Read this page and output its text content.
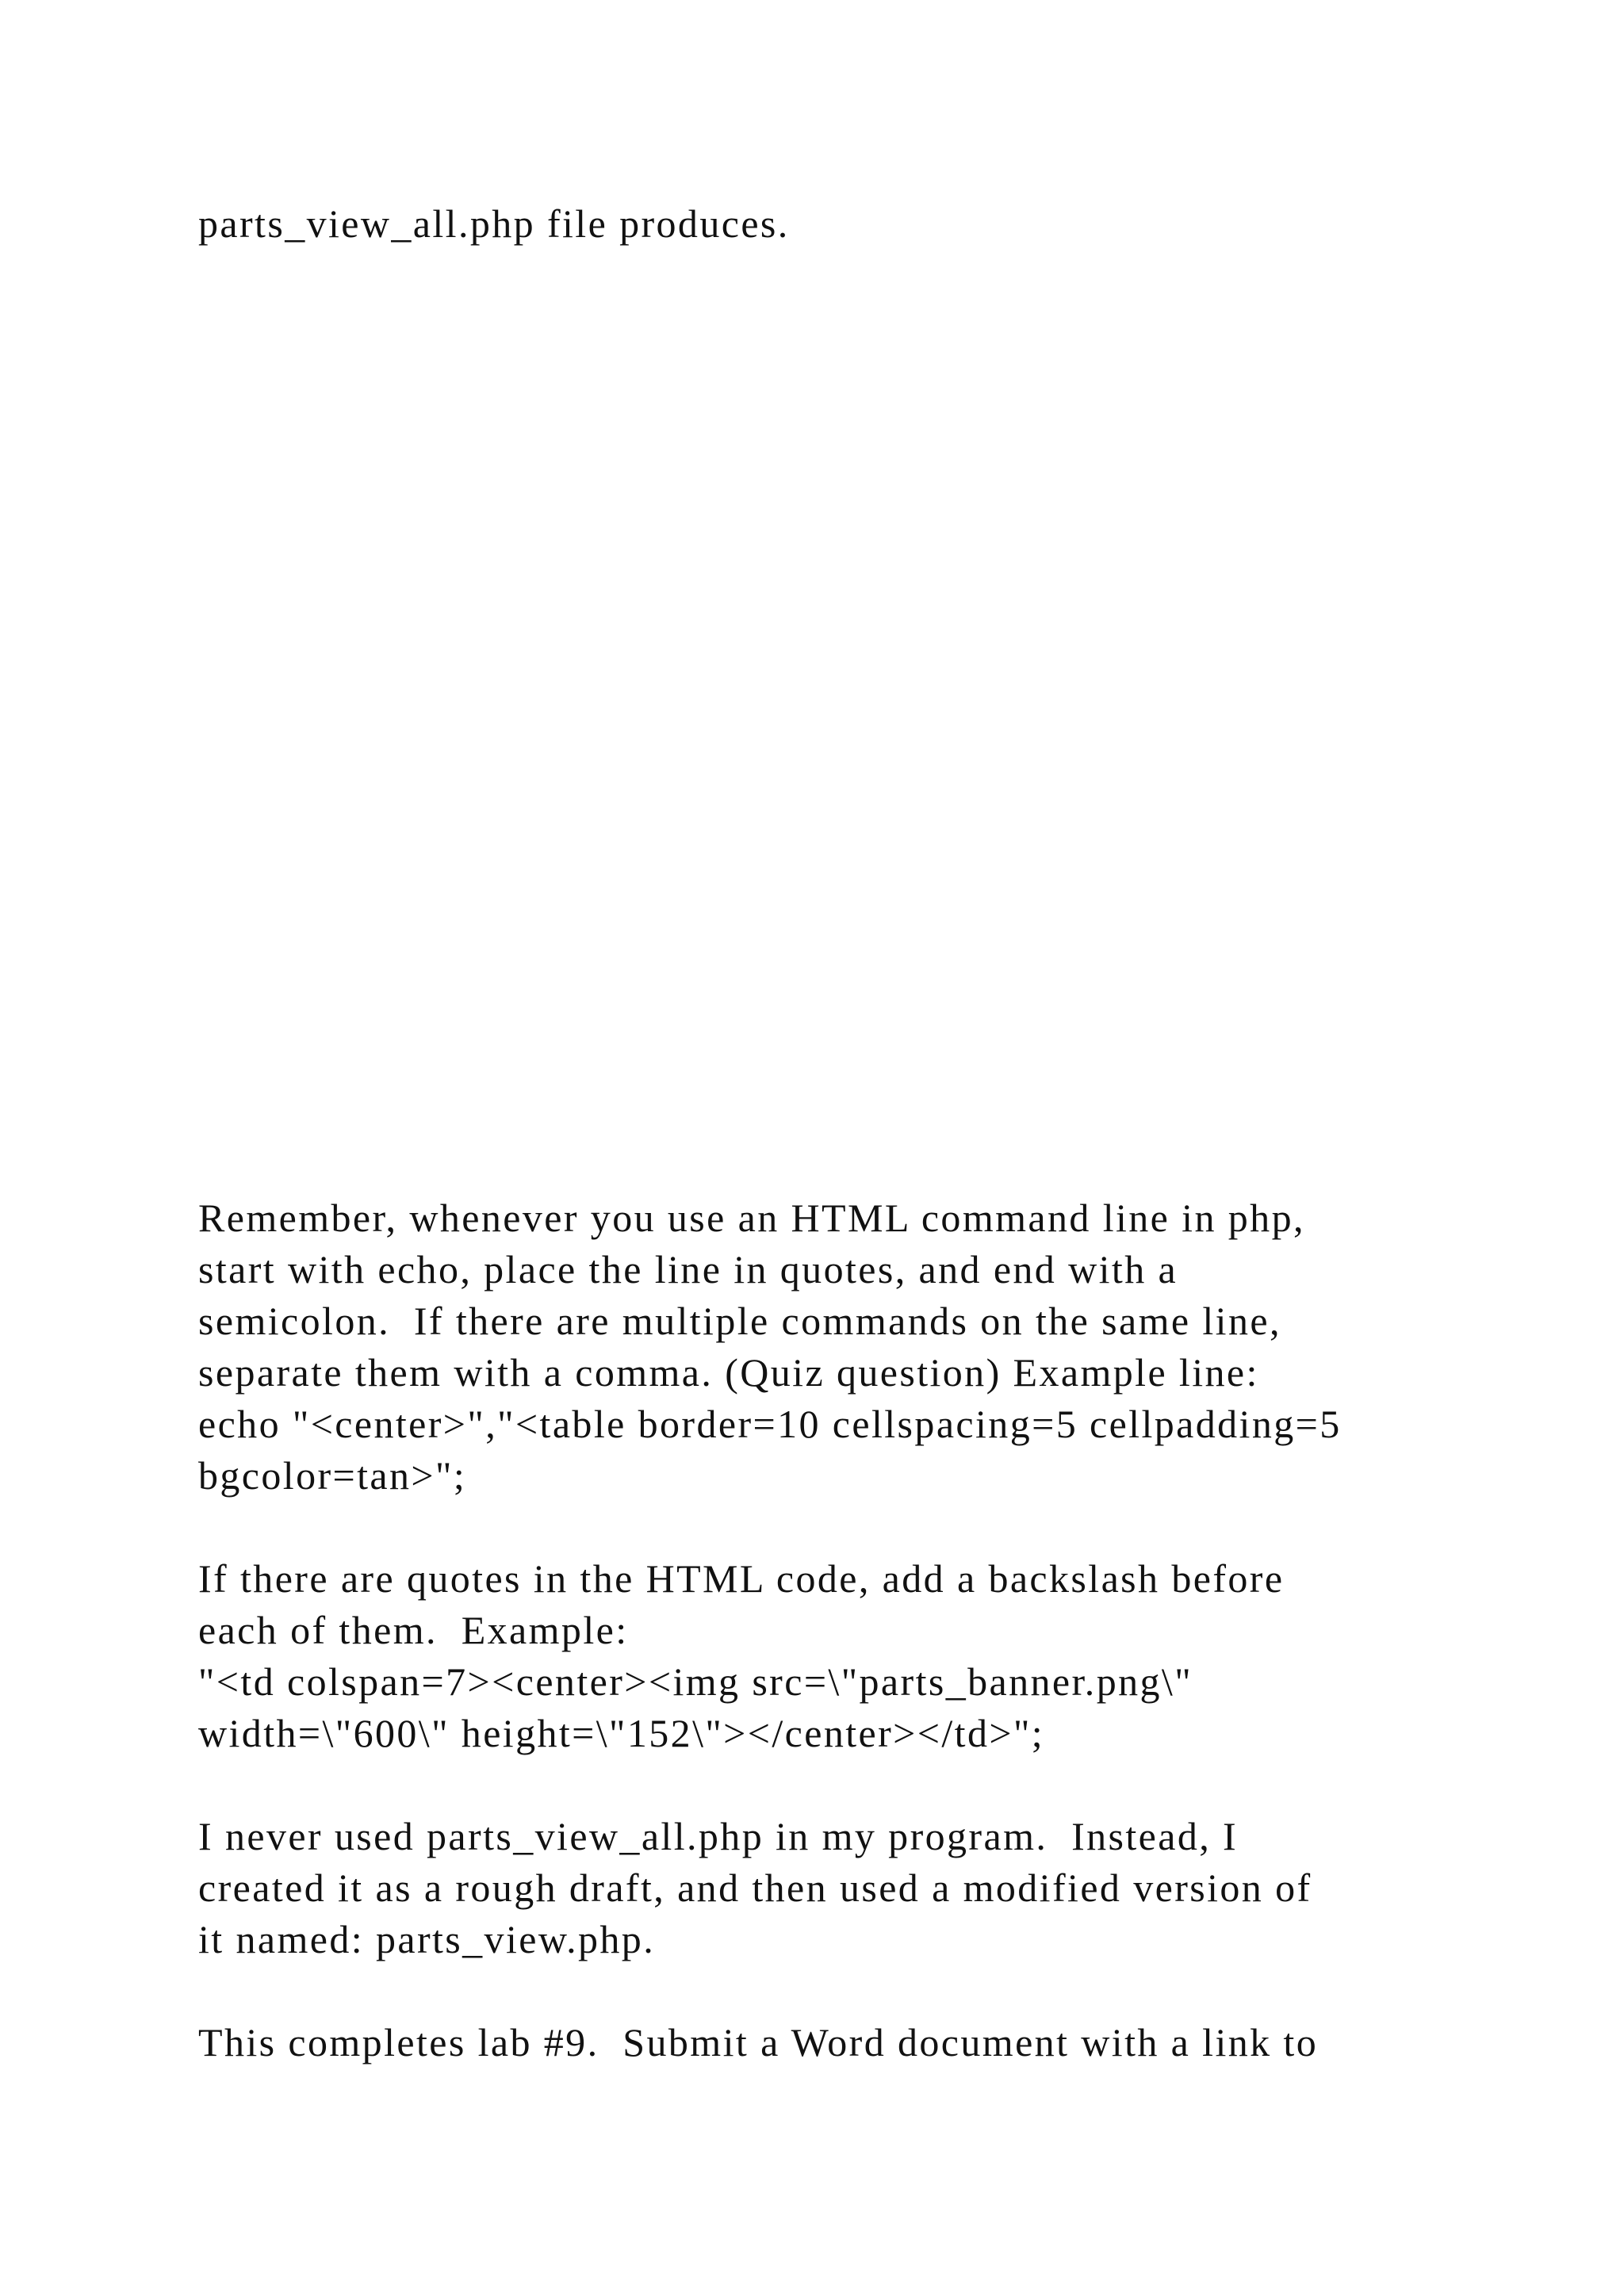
parts_view_all.php file produces.

Remember, whenever you use an HTML command line in php,

start with echo, place the line in quotes, and end with a

semicolon.  If there are multiple commands on the same line,

separate them with a comma. (Quiz question) Example line:

echo "<center>","<table border=10 cellspacing=5 cellpadding=5

bgcolor=tan>";

If there are quotes in the HTML code, add a backslash before

each of them.  Example:

"<td colspan=7><center><img src=\"parts_banner.png\"

width=\"600\" height=\"152\"></center></td>";

I never used parts_view_all.php in my program.  Instead, I

created it as a rough draft, and then used a modified version of

it named: parts_view.php.

This completes lab #9.  Submit a Word document with a link to
